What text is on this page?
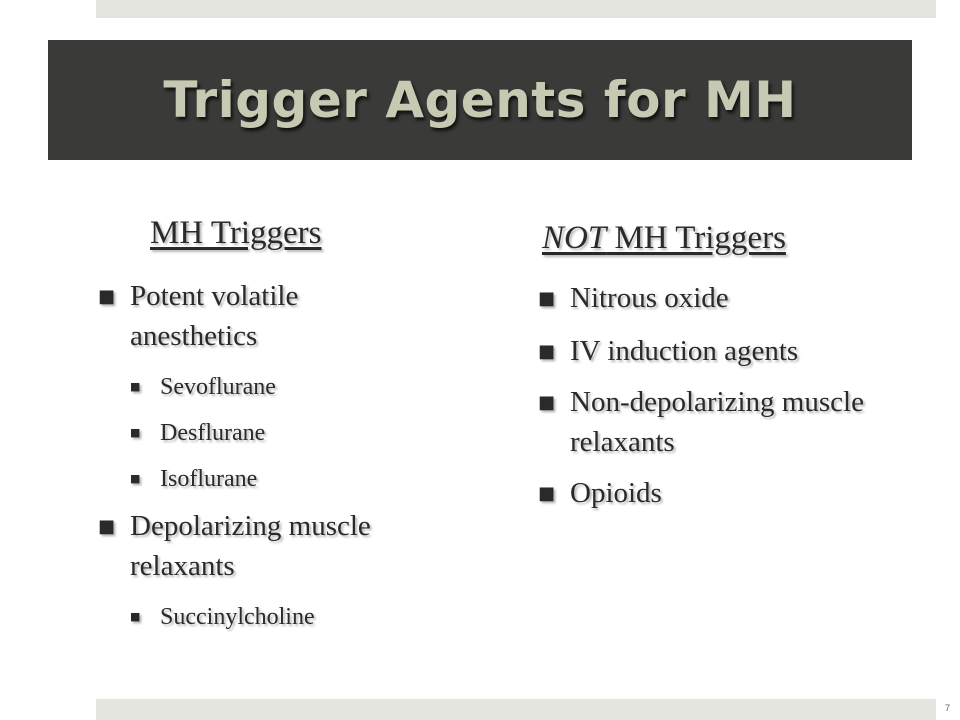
Trigger Agents for MH
MH Triggers
■ Potent volatile anesthetics
■ Sevoflurane
■ Desflurane
■ Isoflurane
■ Depolarizing muscle relaxants
■ Succinylcholine
NOT MH Triggers
■ Nitrous oxide
■ IV induction agents
■ Non-depolarizing muscle relaxants
■ Opioids
7
